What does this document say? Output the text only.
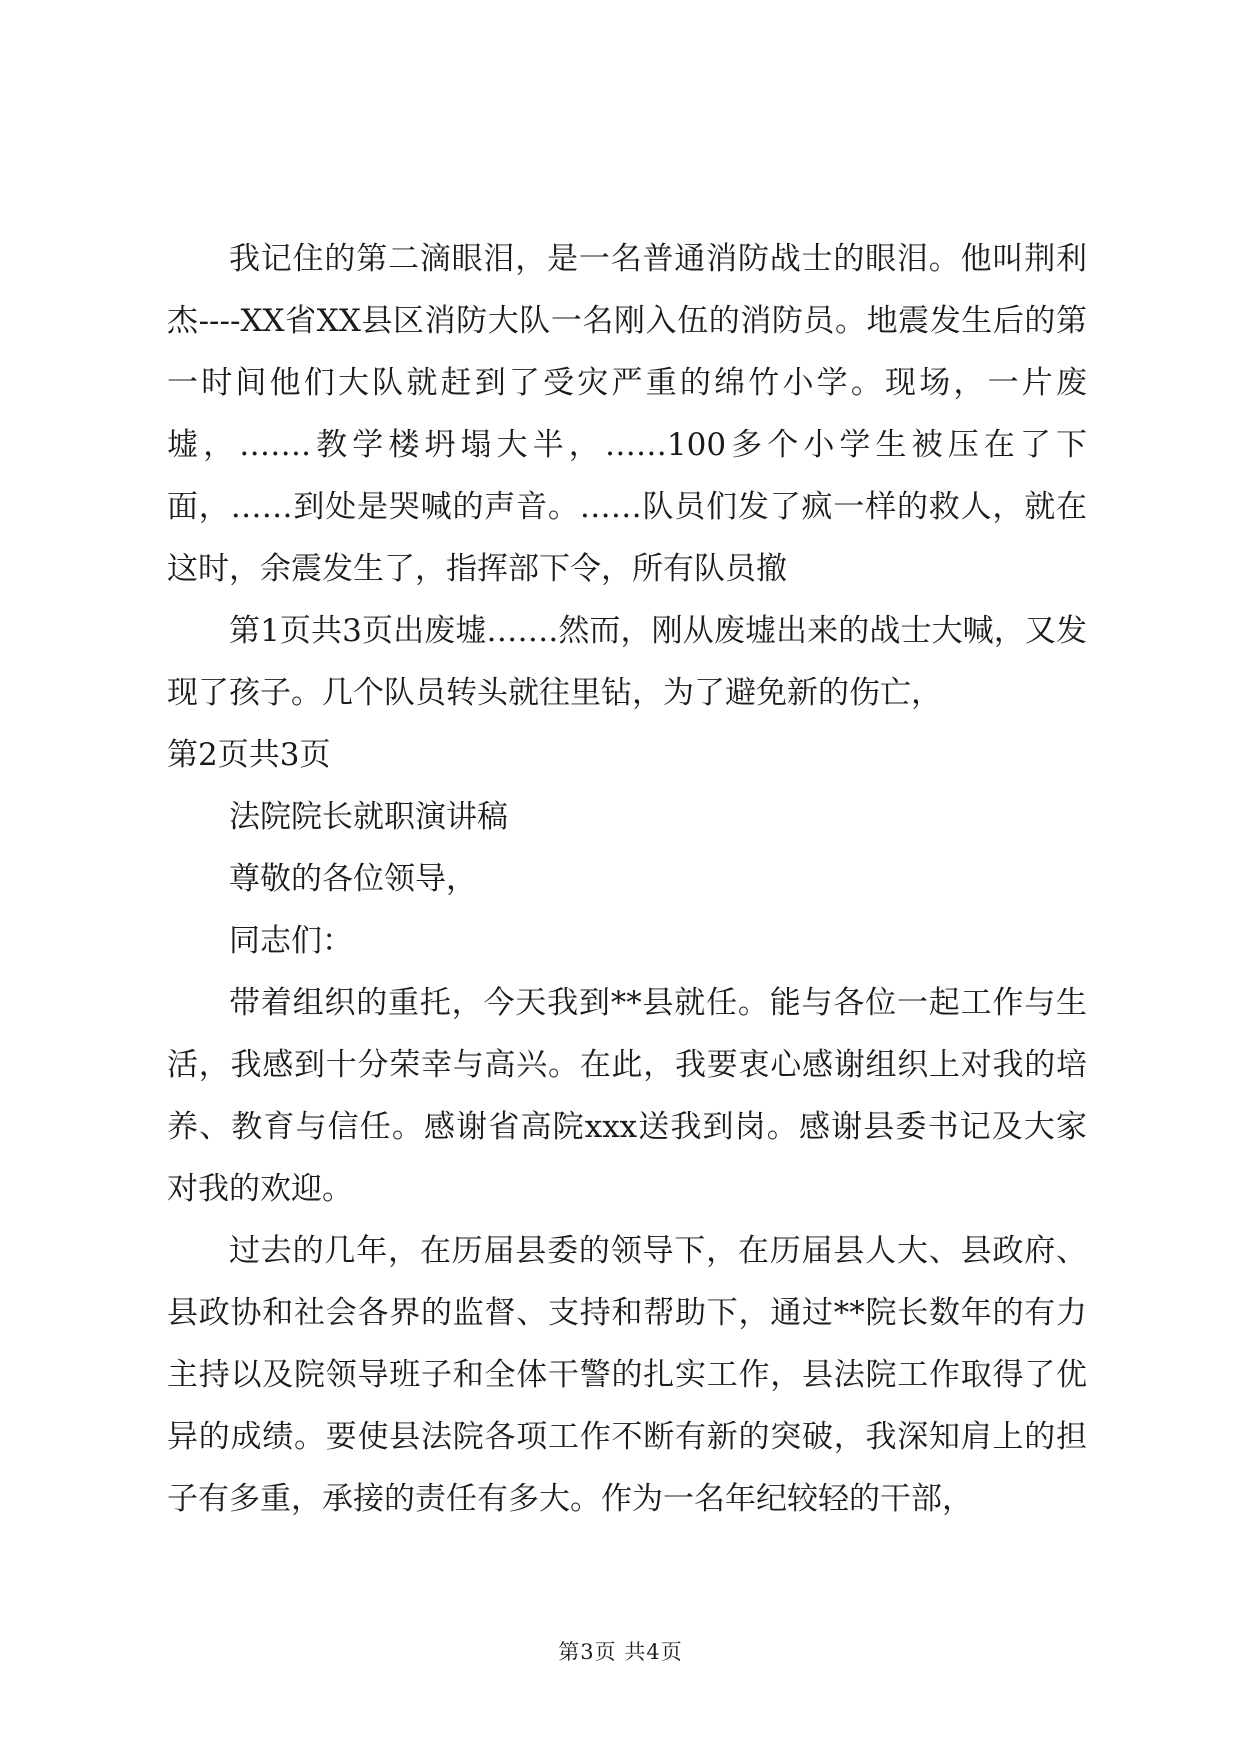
我记住的第二滴眼泪，是一名普通消防战士的眼泪。他叫荆利杰----XX省XX县区消防大队一名刚入伍的消防员。地震发生后的第一时间他们大队就赶到了受灾严重的绵竹小学。现场，一片废墟，…….教学楼坍塌大半，……100多个小学生被压在了下面，……到处是哭喊的声音。……队员们发了疯一样的救人，就在这时，余震发生了，指挥部下令，所有队员撤

第1页共3页出废墟…….然而，刚从废墟出来的战士大喊，又发现了孩子。几个队员转头就往里钻，为了避免新的伤亡，

第2页共3页

法院院长就职演讲稿

尊敬的各位领导，

同志们：

带着组织的重托，今天我到**县就任。能与各位一起工作与生活，我感到十分荣幸与高兴。在此，我要衷心感谢组织上对我的培养、教育与信任。感谢省高院xxx送我到岗。感谢县委书记及大家对我的欢迎。

过去的几年，在历届县委的领导下，在历届县人大、县政府、县政协和社会各界的监督、支持和帮助下，通过**院长数年的有力主持以及院领导班子和全体干警的扎实工作，县法院工作取得了优异的成绩。要使县法院各项工作不断有新的突破，我深知肩上的担子有多重，承接的责任有多大。作为一名年纪较轻的干部，

第3页 共4页
